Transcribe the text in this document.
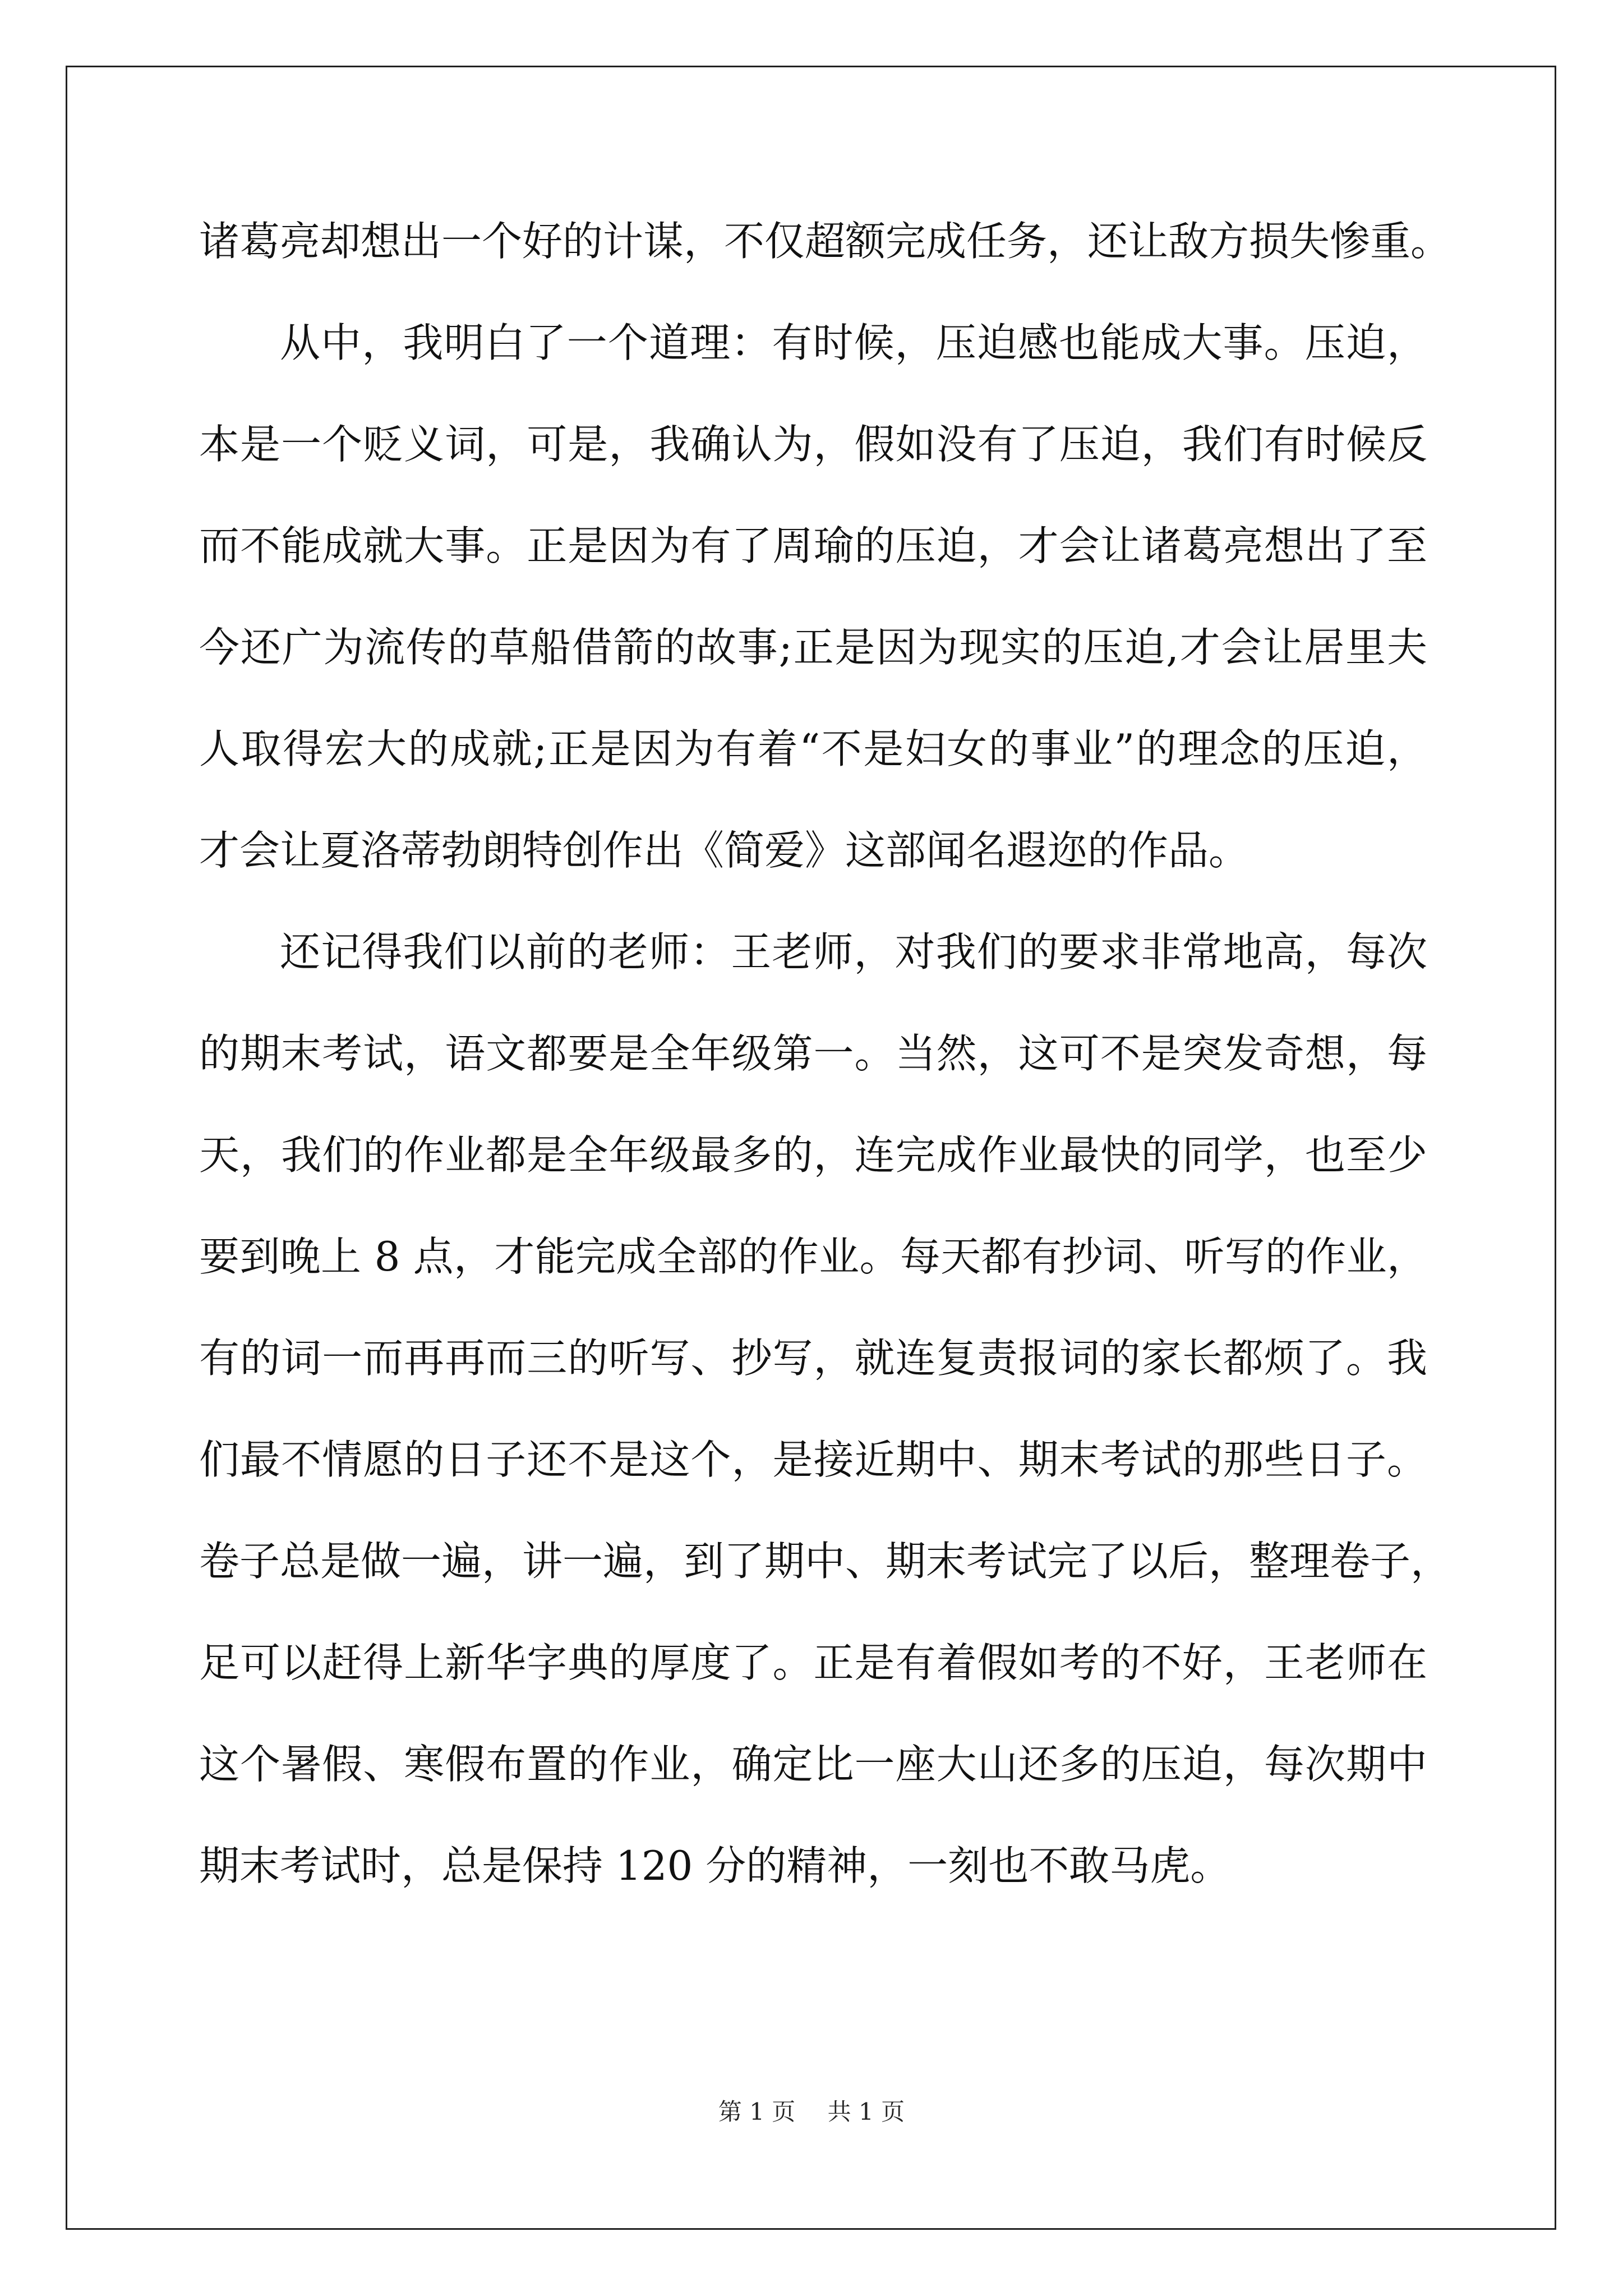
诸葛亮却想出一个好的计谋，不仅超额完成任务，还让敌方损失惨重。
从中，我明白了一个道理：有时候，压迫感也能成大事。压迫，
本是一个贬义词，可是，我确认为，假如没有了压迫，我们有时候反
而不能成就大事。正是因为有了周瑜的压迫，才会让诸葛亮想出了至
今还广为流传的草船借箭的故事;正是因为现实的压迫,才会让居里夫
人取得宏大的成就;正是因为有着“不是妇女的事业”的理念的压迫，
才会让夏洛蒂勃朗特创作出《简爱》这部闻名遐迩的作品。
还记得我们以前的老师：王老师，对我们的要求非常地高，每次
的期末考试，语文都要是全年级第一。当然，这可不是突发奇想，每
天，我们的作业都是全年级最多的，连完成作业最快的同学，也至少
要到晚上 8 点，才能完成全部的作业。每天都有抄词、听写的作业，
有的词一而再再而三的听写、抄写，就连复责报词的家长都烦了。我
们最不情愿的日子还不是这个，是接近期中、期末考试的那些日子。
卷子总是做一遍，讲一遍，到了期中、期末考试完了以后，整理卷子，
足可以赶得上新华字典的厚度了。正是有着假如考的不好，王老师在
这个暑假、寒假布置的作业，确定比一座大山还多的压迫，每次期中
期末考试时，总是保持 120 分的精神，一刻也不敢马虎。
第 1 页 共 1 页
